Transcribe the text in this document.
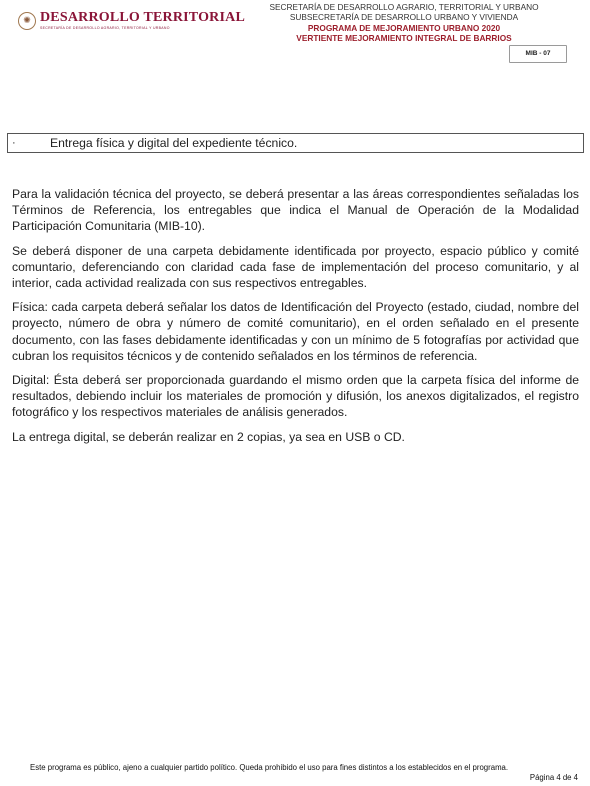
✺ DESARROLLO TERRITORIAL
SECRETARÍA DE DESARROLLO AGRARIO, TERRITORIAL Y URBANO
SECRETARÍA DE DESARROLLO AGRARIO, TERRITORIAL Y URBANO
SUBSECRETARÍA DE DESARROLLO URBANO Y VIVIENDA
PROGRAMA DE MEJORAMIENTO URBANO 2020
VERTIENTE MEJORAMIENTO INTEGRAL DE BARRIOS
MIB - 07
·	Entrega física y digital del expediente técnico.

Para la validación técnica del proyecto, se deberá presentar a las áreas correspondientes señaladas los Términos de Referencia, los entregables que indica el Manual de Operación de la Modalidad Participación Comunitaria (MIB-10).

Se deberá disponer de una carpeta debidamente identificada por proyecto, espacio público y comité comuntario, deferenciando con claridad cada fase de implementación del proceso comunitario, y al interior, cada actividad realizada con sus respectivos entregables.

Física: cada carpeta deberá señalar los datos de Identificación del Proyecto (estado, ciudad, nombre del proyecto, número de obra y número de comité comunitario), en el orden señalado en el presente documento, con las fases debidamente identificadas y con un mínimo de 5 fotografías por actividad que cubran los requisitos técnicos y de contenido señalados en los términos de referencia.

Digital: Ésta deberá ser proporcionada guardando el mismo orden que la carpeta física del informe de resultados, debiendo incluir los materiales de promoción y difusión, los anexos digitalizados, el registro fotográfico y los respectivos materiales de análisis generados.

La entrega digital, se deberán realizar en 2 copias, ya sea en USB o CD.

Este programa es público, ajeno a cualquier partido político. Queda prohibido el uso para fines distintos a los establecidos en el programa.
Página 4 de 4
